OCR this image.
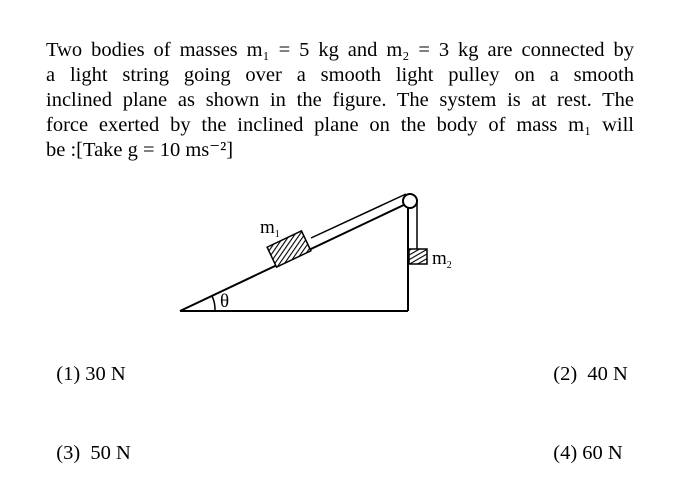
Two bodies of masses m₁ = 5 kg and m₂ = 3 kg are connected by
a light string going over a smooth light pulley on a smooth
inclined plane as shown in the figure. The system is at rest. The
force exerted by the inclined plane on the body of mass m₁ will
be :[Take g = 10 ms⁻²]
θ
$m_1$
$m_2$

(1) 30 N	(2) 40 N

(3) 50 N	(4) 60 N
